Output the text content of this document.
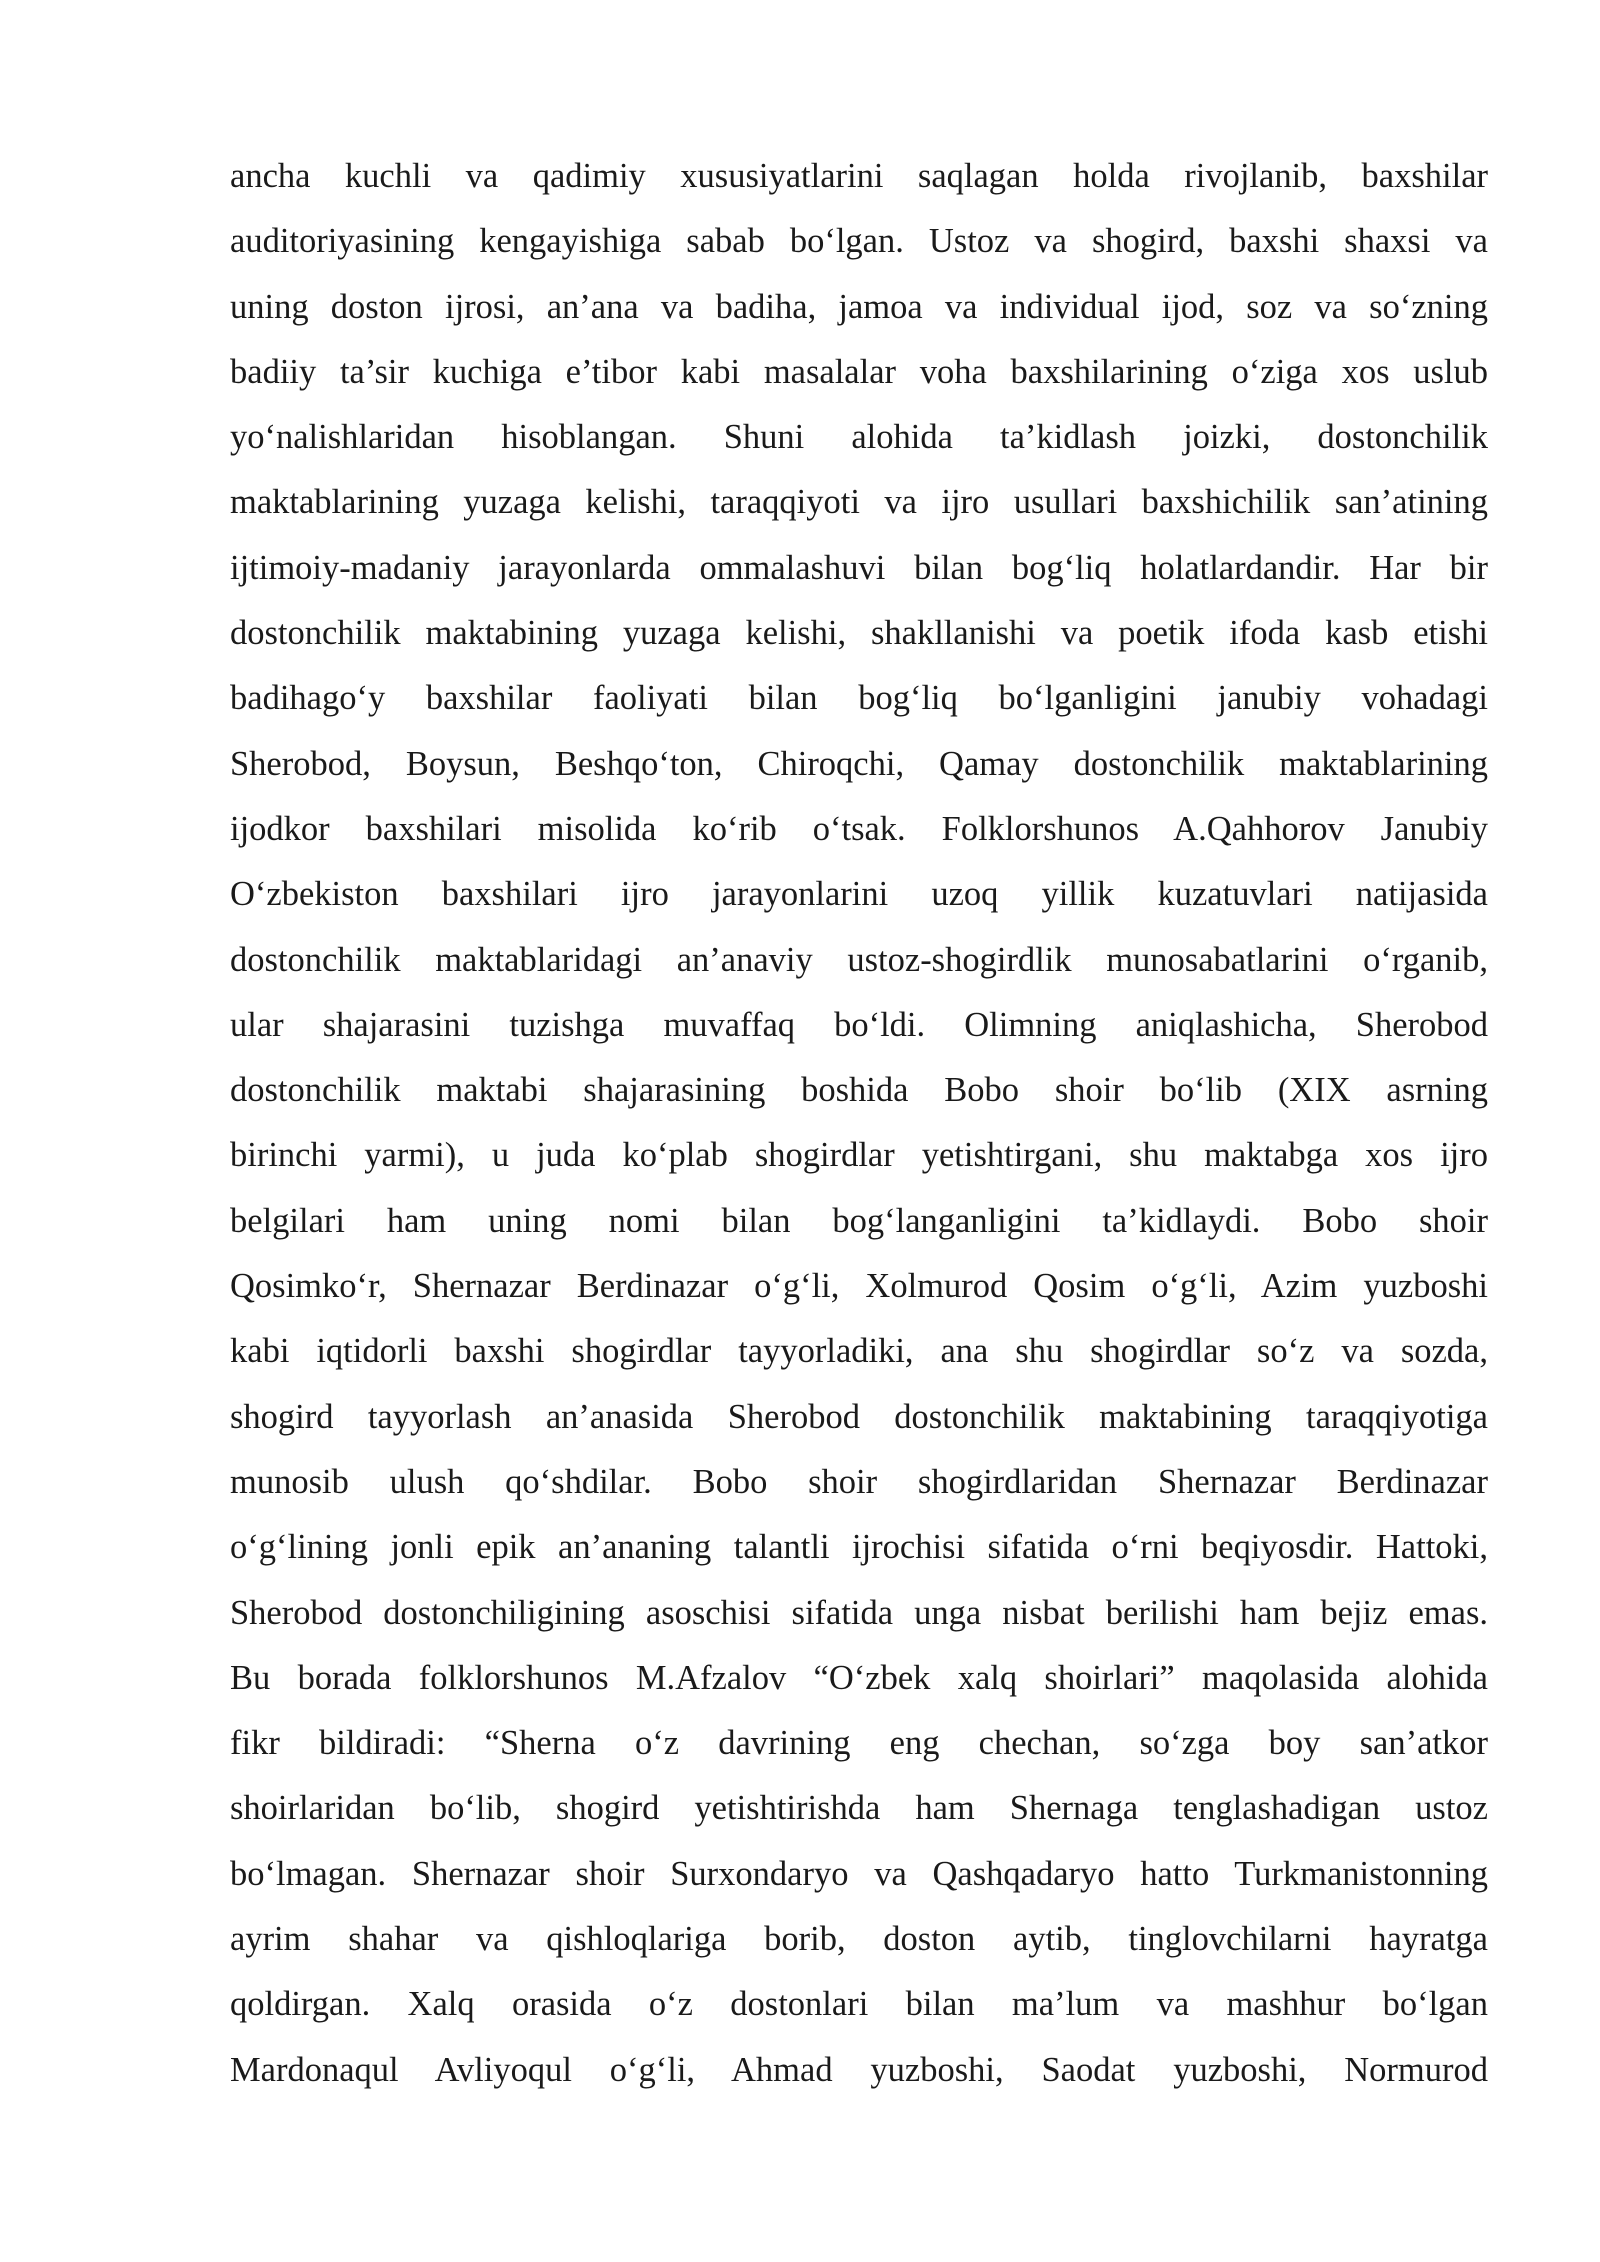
ancha kuchli va qadimiy xususiyatlarini saqlagan holda rivojlanib, baxshilar
auditoriyasining kengayishiga sabab bo‘lgan. Ustoz va shogird, baxshi shaxsi va
uning doston ijrosi, an’ana va badiha, jamoa va individual ijod, soz va so‘zning
badiiy ta’sir kuchiga e’tibor kabi masalalar voha baxshilarining o‘ziga xos uslub
yo‘nalishlaridan hisoblangan. Shuni alohida ta’kidlash joizki, dostonchilik
maktablarining yuzaga kelishi, taraqqiyoti va ijro usullari baxshichilik san’atining
ijtimoiy-madaniy jarayonlarda ommalashuvi bilan bog‘liq holatlardandir. Har bir
dostonchilik maktabining yuzaga kelishi, shakllanishi va poetik ifoda kasb etishi
badihago‘y baxshilar faoliyati bilan bog‘liq bo‘lganligini janubiy vohadagi
Sherobod, Boysun, Beshqo‘ton, Chiroqchi, Qamay dostonchilik maktablarining
ijodkor baxshilari misolida ko‘rib o‘tsak. Folklorshunos A.Qahhorov Janubiy
O‘zbekiston baxshilari ijro jarayonlarini uzoq yillik kuzatuvlari natijasida
dostonchilik maktablaridagi an’anaviy ustoz-shogirdlik munosabatlarini o‘rganib,
ular shajarasini tuzishga muvaffaq bo‘ldi. Olimning aniqlashicha, Sherobod
dostonchilik maktabi shajarasining boshida Bobo shoir bo‘lib (XIX asrning
birinchi yarmi), u juda ko‘plab shogirdlar yetishtirgani, shu maktabga xos ijro
belgilari ham uning nomi bilan bog‘langanligini ta’kidlaydi. Bobo shoir
Qosimko‘r, Shernazar Berdinazar o‘g‘li, Xolmurod Qosim o‘g‘li, Azim yuzboshi
kabi iqtidorli baxshi shogirdlar tayyorladiki, ana shu shogirdlar so‘z va sozda,
shogird tayyorlash an’anasida Sherobod dostonchilik maktabining taraqqiyotiga
munosib ulush qo‘shdilar. Bobo shoir shogirdlaridan Shernazar Berdinazar
o‘g‘lining jonli epik an’ananing talantli ijrochisi sifatida o‘rni beqiyosdir. Hattoki,
Sherobod dostonchiligining asoschisi sifatida unga nisbat berilishi ham bejiz emas.
Bu borada folklorshunos M.Afzalov “O‘zbek xalq shoirlari” maqolasida alohida
fikr bildiradi: “Sherna o‘z davrining eng chechan, so‘zga boy san’atkor
shoirlaridan bo‘lib, shogird yetishtirishda ham Shernaga tenglashadigan ustoz
bo‘lmagan. Shernazar shoir Surxondaryo va Qashqadaryo hatto Turkmanistonning
ayrim shahar va qishloqlariga borib, doston aytib, tinglovchilarni hayratga
qoldirgan. Xalq orasida o‘z dostonlari bilan ma’lum va mashhur bo‘lgan
Mardonaqul Avliyoqul o‘g‘li, Ahmad yuzboshi, Saodat yuzboshi, Normurod
